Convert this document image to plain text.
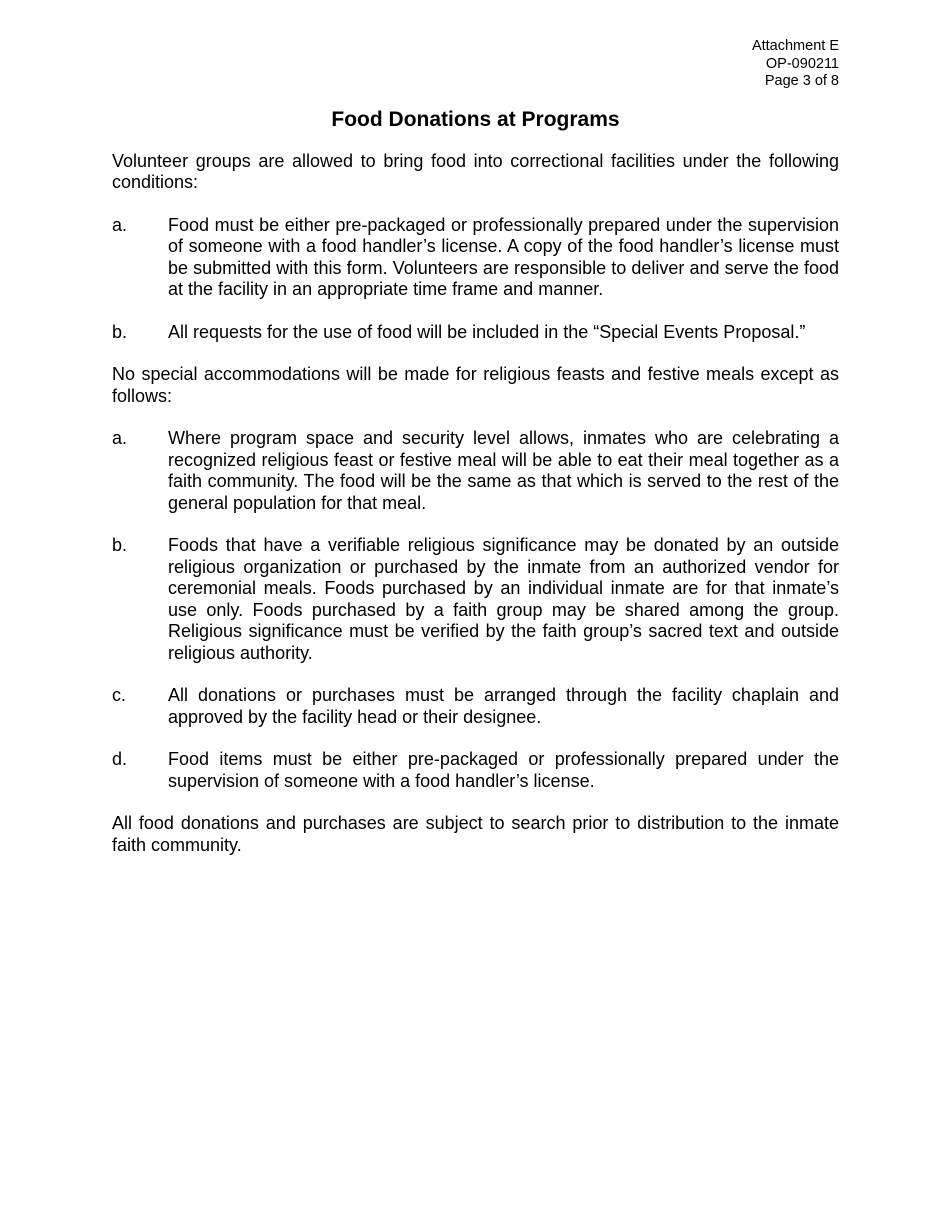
Attachment E
OP-090211
Page 3 of 8
Food Donations at Programs

Volunteer groups are allowed to bring food into correctional facilities under the following conditions:

a.	Food must be either pre-packaged or professionally prepared under the supervision of someone with a food handler’s license. A copy of the food handler’s license must be submitted with this form. Volunteers are responsible to deliver and serve the food at the facility in an appropriate time frame and manner.
b.	All requests for the use of food will be included in the “Special Events Proposal.”

No special accommodations will be made for religious feasts and festive meals except as follows:

a.	Where program space and security level allows, inmates who are celebrating a recognized religious feast or festive meal will be able to eat their meal together as a faith community. The food will be the same as that which is served to the rest of the general population for that meal.
b.	Foods that have a verifiable religious significance may be donated by an outside religious organization or purchased by the inmate from an authorized vendor for ceremonial meals. Foods purchased by an individual inmate are for that inmate’s use only. Foods purchased by a faith group may be shared among the group. Religious significance must be verified by the faith group’s sacred text and outside religious authority.
c.	All donations or purchases must be arranged through the facility chaplain and approved by the facility head or their designee.
d.	Food items must be either pre-packaged or professionally prepared under the supervision of someone with a food handler’s license.

All food donations and purchases are subject to search prior to distribution to the inmate faith community.
